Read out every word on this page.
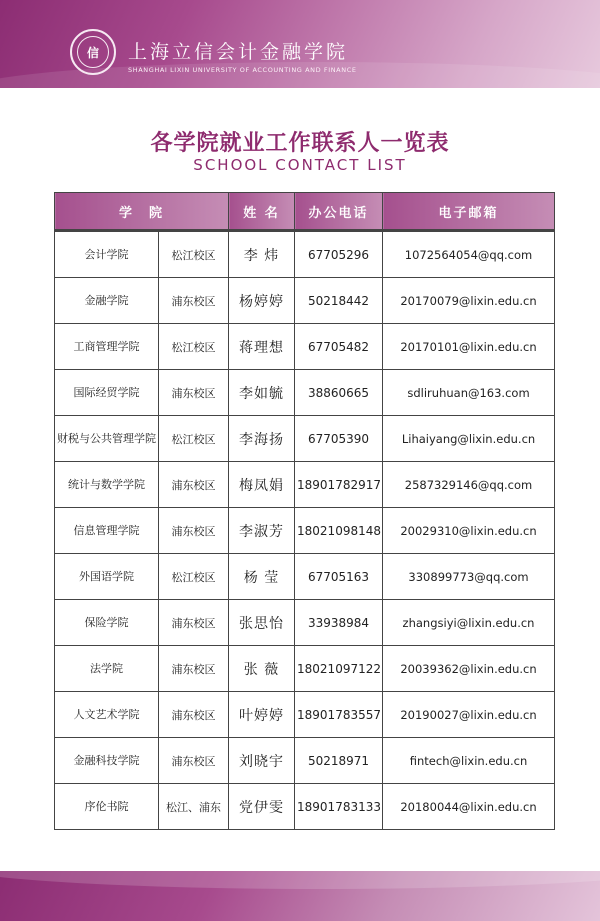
信 上海立信会计金融学院
SHANGHAI LIXIN UNIVERSITY OF ACCOUNTING AND FINANCE
各学院就业工作联系人一览表
SCHOOL CONTACT LIST
学　院		姓 名	办公电话	电子邮箱
会计学院	松江校区	李 炜	67705296	1072564054@qq.com
金融学院	浦东校区	杨婷婷	50218442	20170079@lixin.edu.cn
工商管理学院	松江校区	蒋理想	67705482	20170101@lixin.edu.cn
国际经贸学院	浦东校区	李如毓	38860665	sdliruhuan@163.com
财税与公共管理学院	松江校区	李海扬	67705390	Lihaiyang@lixin.edu.cn
统计与数学学院	浦东校区	梅凤娟	18901782917	2587329146@qq.com
信息管理学院	浦东校区	李淑芳	18021098148	20029310@lixin.edu.cn
外国语学院	松江校区	杨 莹	67705163	330899773@qq.com
保险学院	浦东校区	张思怡	33938984	zhangsiyi@lixin.edu.cn
法学院	浦东校区	张 薇	18021097122	20039362@lixin.edu.cn
人文艺术学院	浦东校区	叶婷婷	18901783557	20190027@lixin.edu.cn
金融科技学院	浦东校区	刘晓宇	50218971	fintech@lixin.edu.cn
序伦书院	松江、浦东	党伊雯	18901783133	20180044@lixin.edu.cn
